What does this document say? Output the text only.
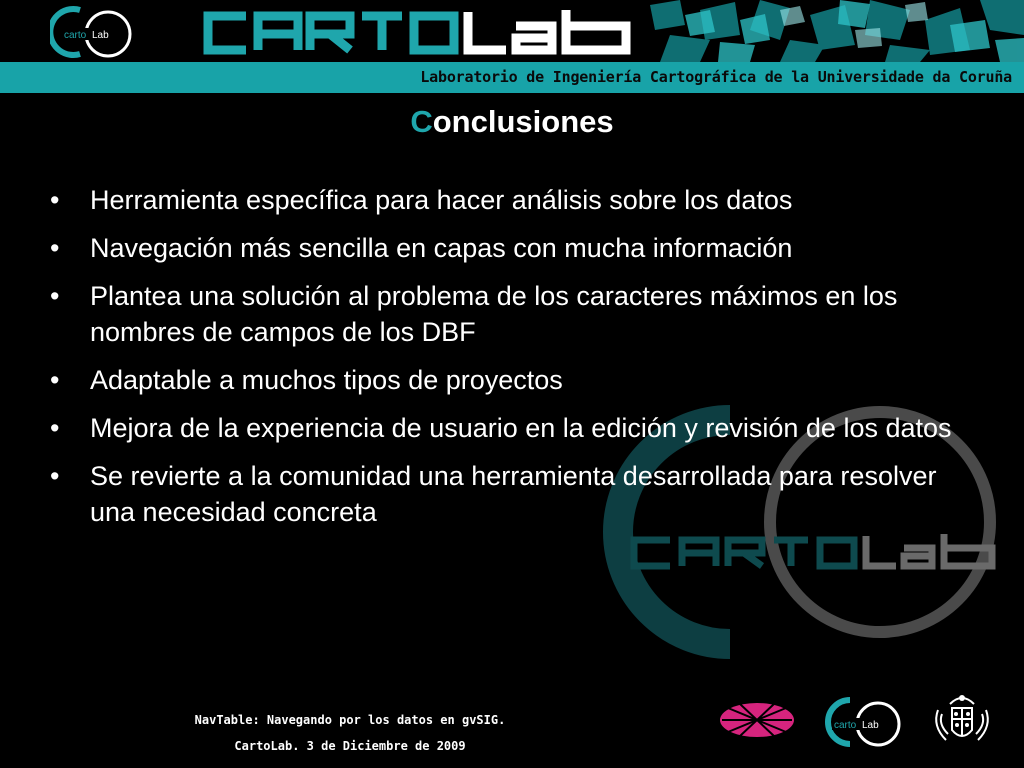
carto Lab
Laboratorio de Ingeniería Cartográfica de la Universidade da Coruña
Conclusiones
• Herramienta específica para hacer análisis sobre los datos
• Navegación más sencilla en capas con mucha información
• Plantea una solución al problema de los caracteres máximos en los nombres de campos de los DBF
• Adaptable a muchos tipos de proyectos
• Mejora de la experiencia de usuario en la edición y revisión de los datos
• Se revierte a la comunidad una herramienta desarrollada para resolver una necesidad concreta
NavTable: Navegando por los datos en gvSIG.
CartoLab. 3 de Diciembre de 2009
carto Lab
